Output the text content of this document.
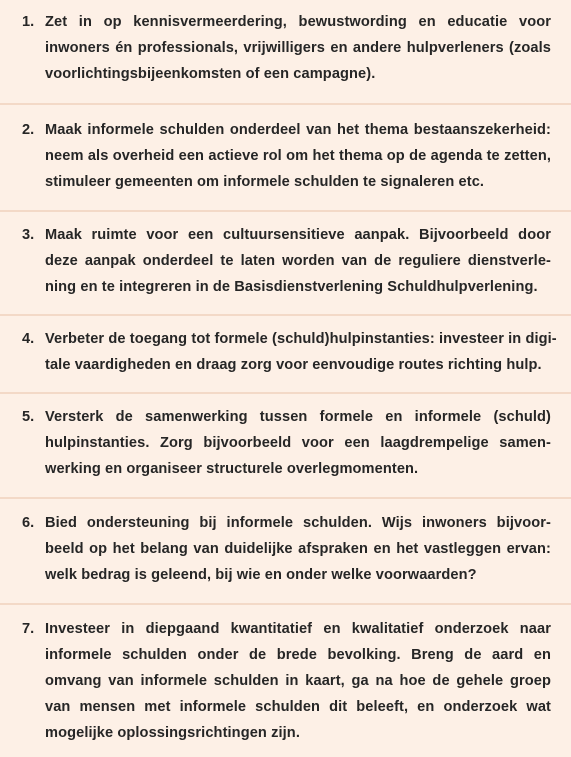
1. Zet in op kennisvermeerdering, bewustwording en educatie voor
inwoners én professionals, vrijwilligers en andere hulpverleners (zoals
voorlichtingsbijeenkomsten of een campagne).
2. Maak informele schulden onderdeel van het thema bestaanszekerheid:
neem als overheid een actieve rol om het thema op de agenda te zetten,
stimuleer gemeenten om informele schulden te signaleren etc.
3. Maak ruimte voor een cultuursensitieve aanpak. Bijvoorbeeld door
deze aanpak onderdeel te laten worden van de reguliere dienstverle-
ning en te integreren in de Basisdienstverlening Schuldhulpverlening.
4. Verbeter de toegang tot formele (schuld)hulpinstanties: investeer in digi-
tale vaardigheden en draag zorg voor eenvoudige routes richting hulp.
5. Versterk de samenwerking tussen formele en informele (schuld)
hulpinstanties. Zorg bijvoorbeeld voor een laagdrempelige samen-
werking en organiseer structurele overlegmomenten.
6. Bied ondersteuning bij informele schulden. Wijs inwoners bijvoor-
beeld op het belang van duidelijke afspraken en het vastleggen ervan:
welk bedrag is geleend, bij wie en onder welke voorwaarden?
7. Investeer in diepgaand kwantitatief en kwalitatief onderzoek naar
informele schulden onder de brede bevolking. Breng de aard en
omvang van informele schulden in kaart, ga na hoe de gehele groep
van mensen met informele schulden dit beleeft, en onderzoek wat
mogelijke oplossingsrichtingen zijn.
